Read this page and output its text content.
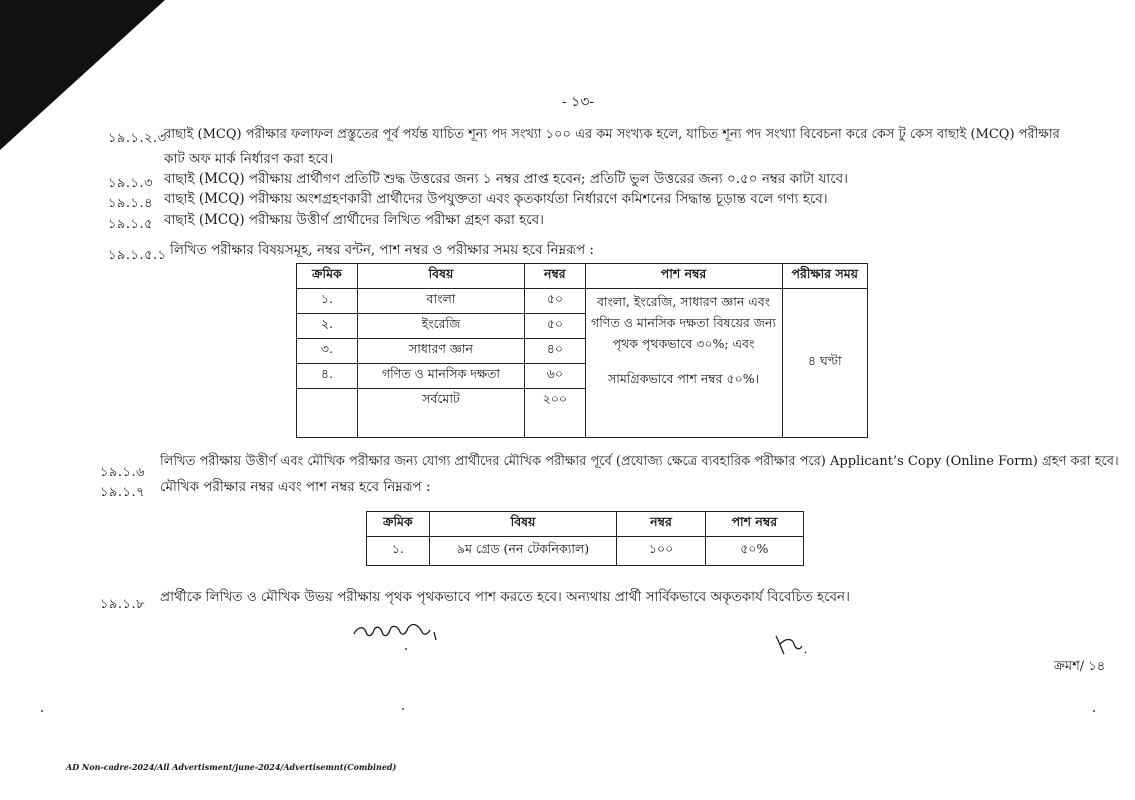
- ১৩-
১৯.১.২.৩
বাছাই (MCQ) পরীক্ষার ফলাফল প্রস্তুতের পূর্ব পর্যন্ত যাচিত শূন্য পদ সংখ্যা ১০০ এর কম সংখ্যক হলে, যাচিত শূন্য পদ সংখ্যা বিবেচনা করে কেস টু কেস বাছাই (MCQ) পরীক্ষার
কাট অফ মার্ক নির্ধারণ করা হবে।
১৯.১.৩ বাছাই (MCQ) পরীক্ষায় প্রার্থীগণ প্রতিটি শুদ্ধ উত্তরের জন্য ১ নম্বর প্রাপ্ত হবেন; প্রতিটি ভুল উত্তরের জন্য ০.৫০ নম্বর কাটা যাবে।
১৯.১.৪ বাছাই (MCQ) পরীক্ষায় অংশগ্রহণকারী প্রার্থীদের উপযুক্ততা এবং কৃতকার্যতা নির্ধারণে কমিশনের সিদ্ধান্ত চূড়ান্ত বলে গণ্য হবে।
১৯.১.৫ বাছাই (MCQ) পরীক্ষায় উত্তীর্ণ প্রার্থীদের লিখিত পরীক্ষা গ্রহণ করা হবে।
১৯.১.৫.১ লিখিত পরীক্ষার বিষয়সমূহ, নম্বর বন্টন, পাশ নম্বর ও পরীক্ষার সময় হবে নিম্নরূপ :
ক্রমিক	বিষয়	নম্বর	পাশ নম্বর	পরীক্ষার সময়
১.	বাংলা	৫০	বাংলা, ইংরেজি, সাধারণ জ্ঞান এবং
গণিত ও মানসিক দক্ষতা বিষয়ের জন্য
পৃথক পৃথকভাবে ৩০%; এবং
সামগ্রিকভাবে পাশ নম্বর ৫০%।	৪ ঘণ্টা
২.	ইংরেজি	৫০		
৩.	সাধারণ জ্ঞান	৪০		
৪.	গণিত ও মানসিক দক্ষতা	৬০		
	সর্বমোট	২০০		
১৯.১.৬
লিখিত পরীক্ষায় উত্তীর্ণ এবং মৌখিক পরীক্ষার জন্য যোগ্য প্রার্থীদের মৌখিক পরীক্ষার পূর্বে (প্রযোজ্য ক্ষেত্রে ব্যবহারিক পরীক্ষার পরে) Applicant’s Copy (Online Form) গ্রহণ করা হবে।
১৯.১.৭ মৌখিক পরীক্ষার নম্বর এবং পাশ নম্বর হবে নিম্নরূপ :
ক্রমিক	বিষয়	নম্বর	পাশ নম্বর
১.	৯ম গ্রেড (নন টেকনিক্যাল)	১০০	৫০%
১৯.১.৮ প্রার্থীকে লিখিত ও মৌখিক উভয় পরীক্ষায় পৃথক পৃথকভাবে পাশ করতে হবে। অন্যথায় প্রার্থী সার্বিকভাবে অকৃতকার্য বিবেচিত হবেন।
ক্রমশ/ ১৪
AD Non-cadre-2024/All Advertisment/june-2024/Advertisemnt(Combined)
